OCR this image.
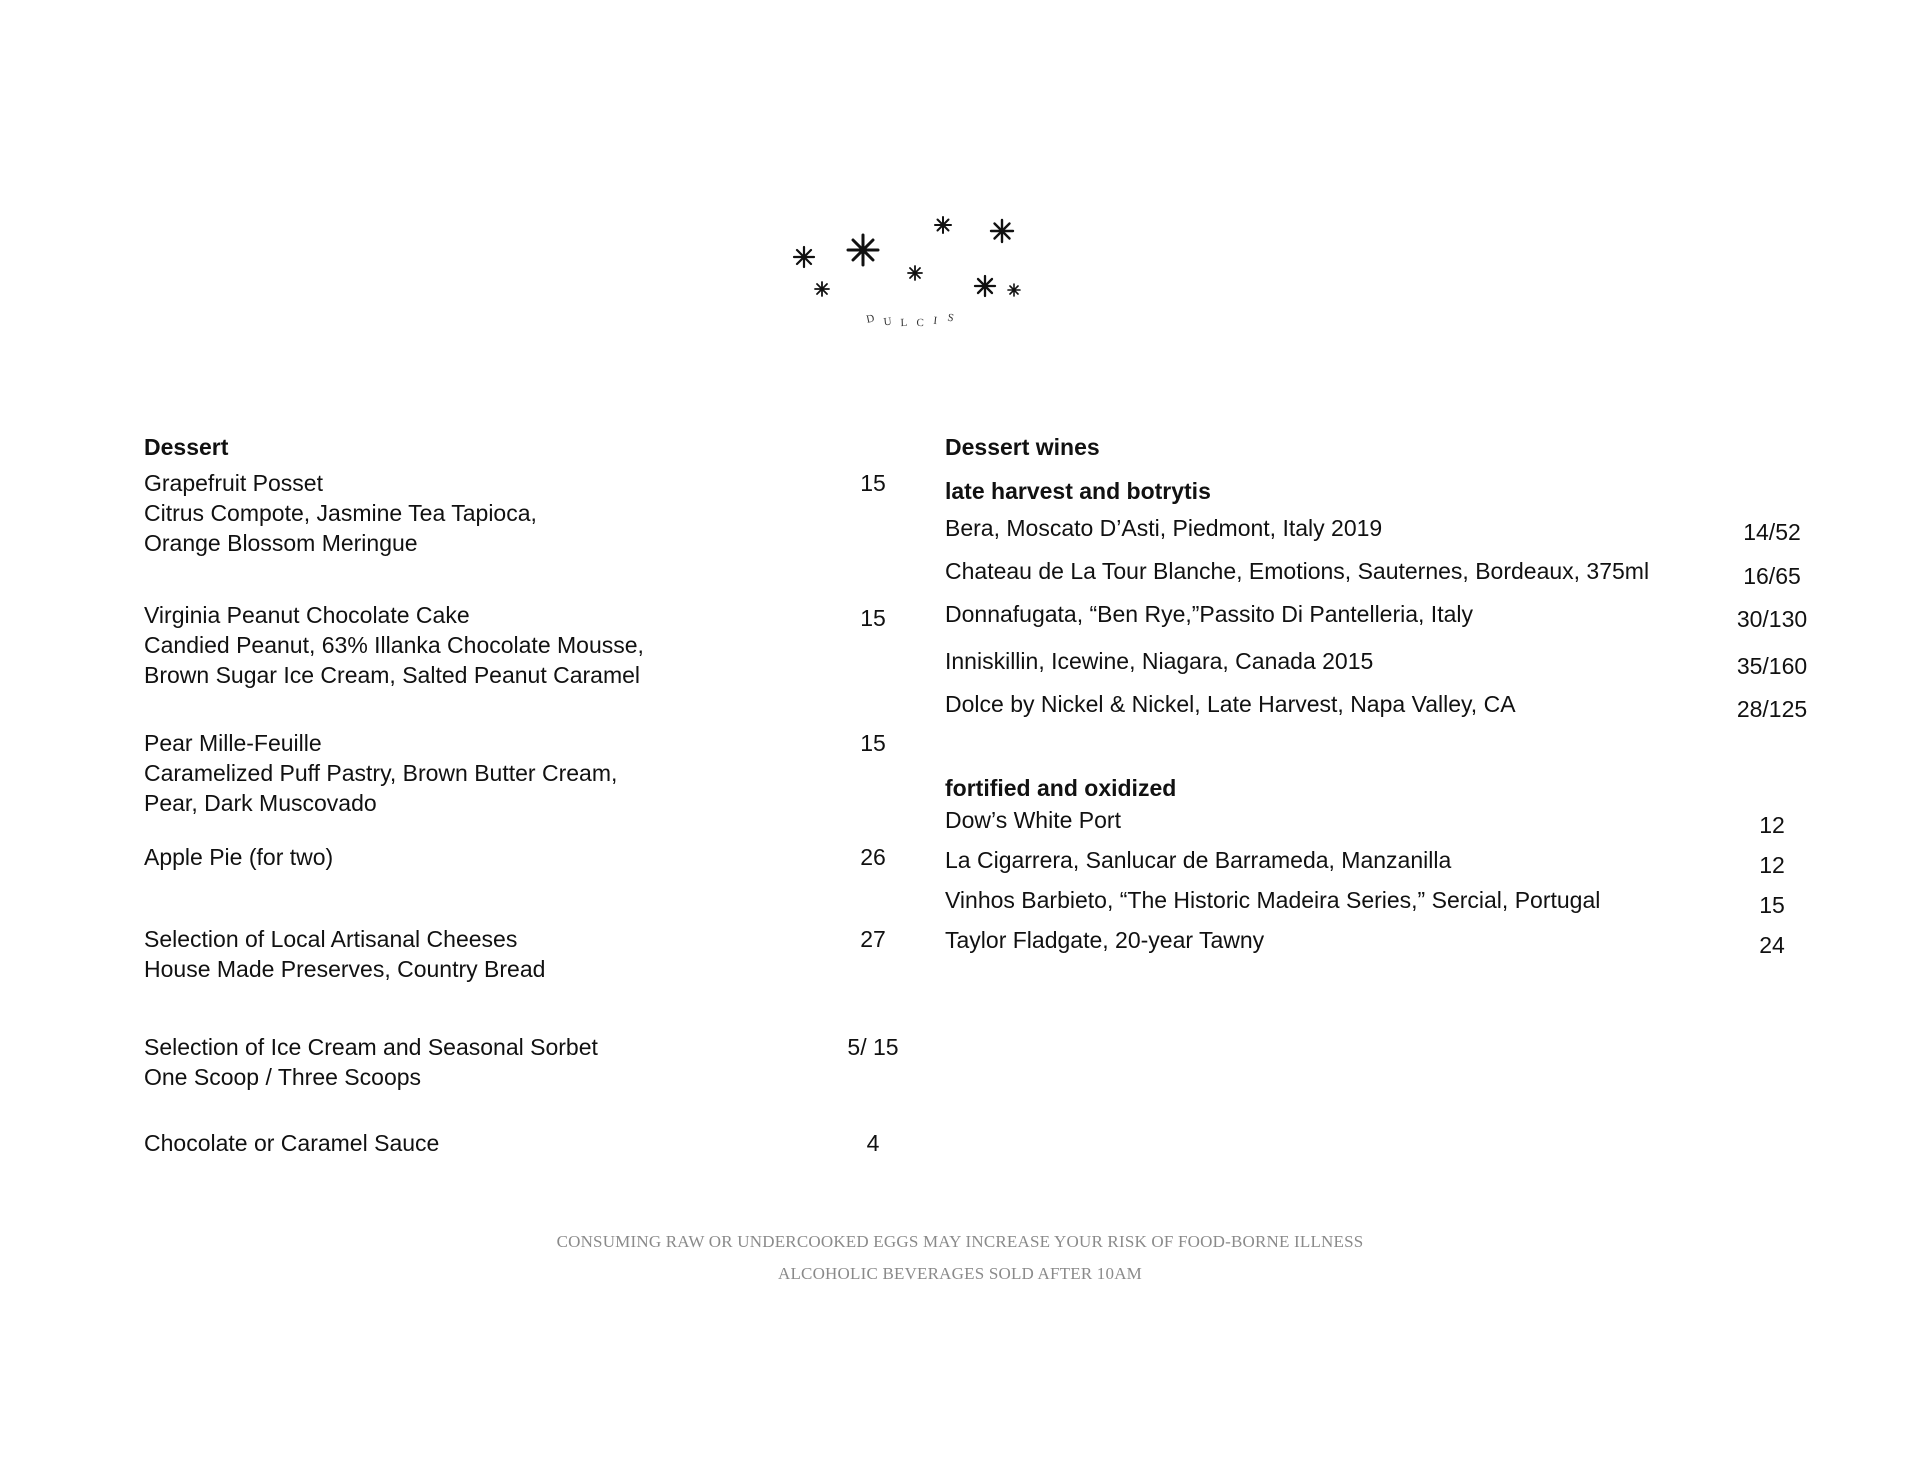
D U L C I S
Dessert
Grapefruit Posset
Citrus Compote, Jasmine Tea Tapioca,
Orange Blossom Meringue
15
Virginia Peanut Chocolate Cake
Candied Peanut, 63% Illanka Chocolate Mousse,
Brown Sugar Ice Cream, Salted Peanut Caramel
15
Pear Mille-Feuille
Caramelized Puff Pastry, Brown Butter Cream,
Pear, Dark Muscovado
15
Apple Pie (for two)	26
Selection of Local Artisanal Cheeses
House Made Preserves, Country Bread
27
Selection of Ice Cream and Seasonal Sorbet
One Scoop / Three Scoops
5/ 15
Chocolate or Caramel Sauce	4
Dessert wines
late harvest and botrytis
Bera, Moscato D’Asti, Piedmont, Italy 2019	14/52
Chateau de La Tour Blanche, Emotions, Sauternes, Bordeaux, 375ml	16/65
Donnafugata, “Ben Rye,”Passito Di Pantelleria, Italy	30/130
Inniskillin, Icewine, Niagara, Canada 2015	35/160
Dolce by Nickel & Nickel, Late Harvest, Napa Valley, CA	28/125
fortified and oxidized
Dow’s White Port	12
La Cigarrera, Sanlucar de Barrameda, Manzanilla	12
Vinhos Barbieto, “The Historic Madeira Series,” Sercial, Portugal	15
Taylor Fladgate, 20-year Tawny	24
CONSUMING RAW OR UNDERCOOKED EGGS MAY INCREASE YOUR RISK OF FOOD-BORNE ILLNESS
ALCOHOLIC BEVERAGES SOLD AFTER 10AM
